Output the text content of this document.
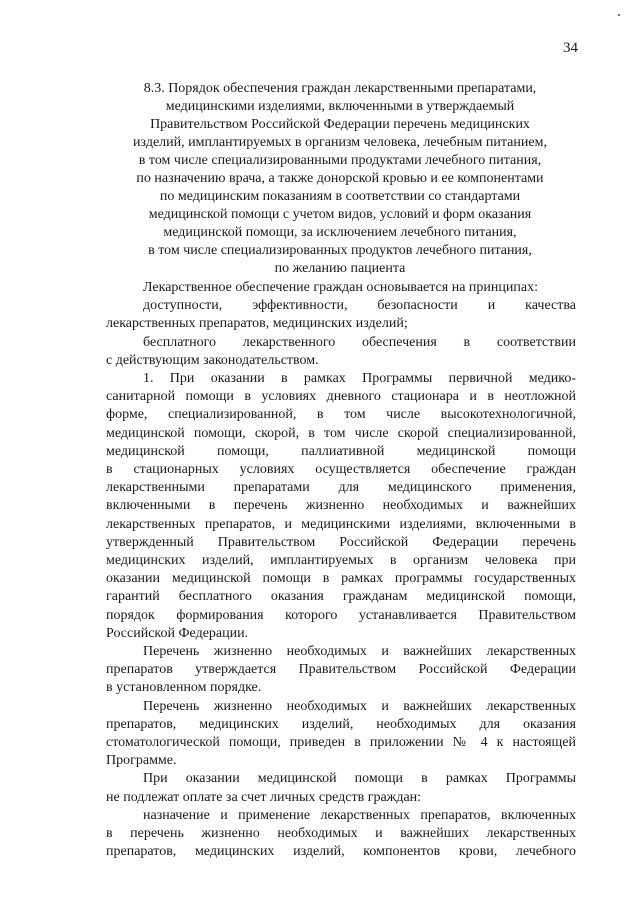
34
8.3. Порядок обеспечения граждан лекарственными препаратами,
медицинскими изделиями, включенными в утверждаемый
Правительством Российской Федерации перечень медицинских
изделий, имплантируемых в организм человека, лечебным питанием,
в том числе специализированными продуктами лечебного питания,
по назначению врача, а также донорской кровью и ее компонентами
по медицинским показаниям в соответствии со стандартами
медицинской помощи с учетом видов, условий и форм оказания
медицинской помощи, за исключением лечебного питания,
в том числе специализированных продуктов лечебного питания,
по желанию пациента

Лекарственное обеспечение граждан основывается на принципах:

доступности, эффективности, безопасности и качества
лекарственных препаратов, медицинских изделий;

бесплатного лекарственного обеспечения в соответствии
с действующим законодательством.

1. При оказании в рамках Программы первичной медико-
санитарной помощи в условиях дневного стационара и в неотложной
форме, специализированной, в том числе высокотехнологичной,
медицинской помощи, скорой, в том числе скорой специализированной,
медицинской помощи, паллиативной медицинской помощи
в стационарных условиях осуществляется обеспечение граждан
лекарственными препаратами для медицинского применения,
включенными в перечень жизненно необходимых и важнейших
лекарственных препаратов, и медицинскими изделиями, включенными в
утвержденный Правительством Российской Федерации перечень
медицинских изделий, имплантируемых в организм человека при
оказании медицинской помощи в рамках программы государственных
гарантий бесплатного оказания гражданам медицинской помощи,
порядок формирования которого устанавливается Правительством
Российской Федерации.

Перечень жизненно необходимых и важнейших лекарственных
препаратов утверждается Правительством Российской Федерации
в установленном порядке.

Перечень жизненно необходимых и важнейших лекарственных
препаратов, медицинских изделий, необходимых для оказания
стоматологической помощи, приведен в приложении № 4 к настоящей
Программе.

При оказании медицинской помощи в рамках Программы
не подлежат оплате за счет личных средств граждан:

назначение и применение лекарственных препаратов, включенных
в перечень жизненно необходимых и важнейших лекарственных
препаратов, медицинских изделий, компонентов крови, лечебного
